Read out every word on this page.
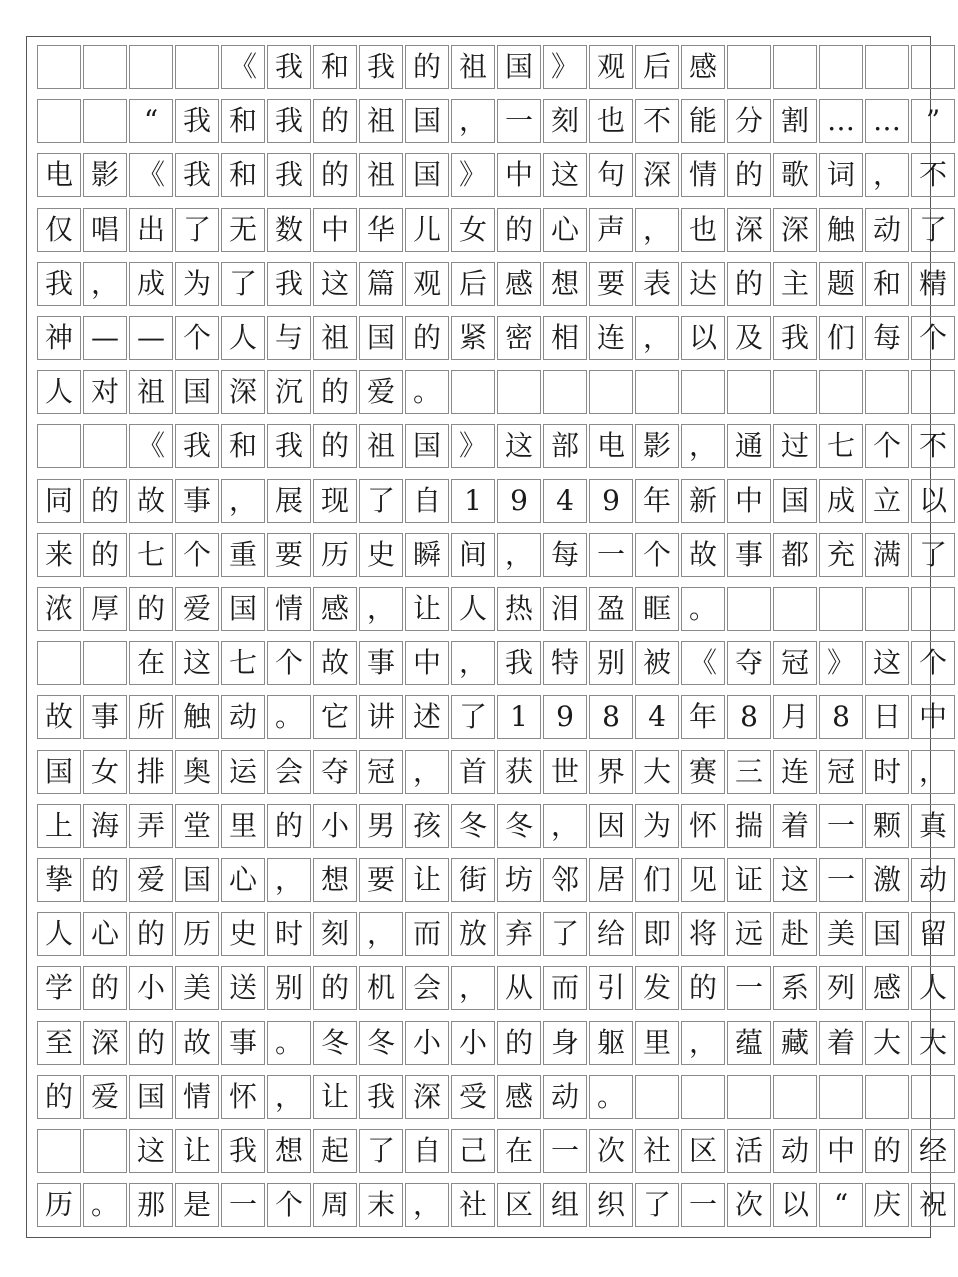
《 我 和 我 的 祖 国 》 观 后 感
“ 我 和 我 的 祖 国 ， 一 刻 也 不 能 分 割 … … ”
电 影 《 我 和 我 的 祖 国 》 中 这 句 深 情 的 歌 词 ， 不
仅 唱 出 了 无 数 中 华 儿 女 的 心 声 ， 也 深 深 触 动 了
我 ， 成 为 了 我 这 篇 观 后 感 想 要 表 达 的 主 题 和 精
神 — — 个 人 与 祖 国 的 紧 密 相 连 ， 以 及 我 们 每 个
人 对 祖 国 深 沉 的 爱 。
《 我 和 我 的 祖 国 》 这 部 电 影 ， 通 过 七 个 不
同 的 故 事 ， 展 现 了 自 1	9	4	9 年 新 中 国 成 立 以
来 的 七 个 重 要 历 史 瞬 间 ， 每 一 个 故 事 都 充 满 了
浓 厚 的 爱 国 情 感 ， 让 人 热 泪 盈 眶 。
在 这 七 个 故 事 中 ， 我 特 别 被 《 夺 冠 》 这 个
故 事 所 触 动 。 它 讲 述 了 1	9	8	4 年 8 月 8 日 中
国 女 排 奥 运 会 夺 冠 ， 首 获 世 界 大 赛 三 连 冠 时 ，
上 海 弄 堂 里 的 小 男 孩 冬 冬 ， 因 为 怀 揣 着 一 颗 真
挚 的 爱 国 心 ， 想 要 让 街 坊 邻 居 们 见 证 这 一 激 动
人 心 的 历 史 时 刻 ， 而 放 弃 了 给 即 将 远 赴 美 国 留
学 的 小 美 送 别 的 机 会 ， 从 而 引 发 的 一 系 列 感 人
至 深 的 故 事 。 冬 冬 小 小 的 身 躯 里 ， 蕴 藏 着 大 大
的 爱 国 情 怀 ， 让 我 深 受 感 动 。
这 让 我 想 起 了 自 己 在 一 次 社 区 活 动 中 的 经
历 。 那 是 一 个 周 末 ， 社 区 组 织 了 一 次 以 “ 庆 祝
